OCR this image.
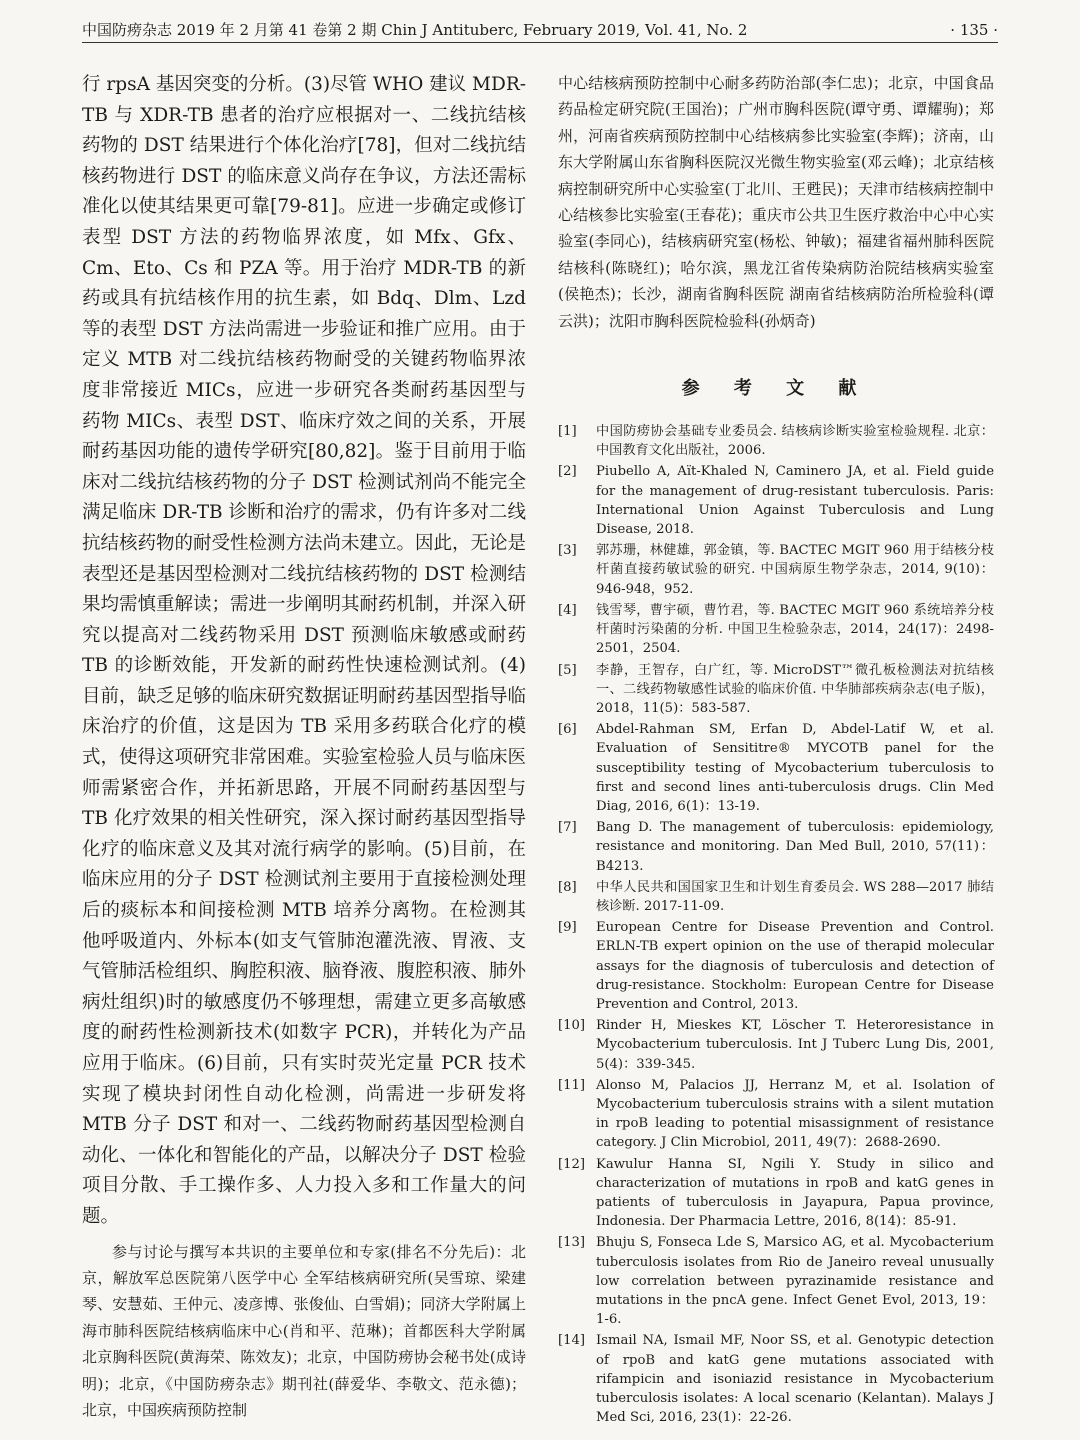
中国防痨杂志 2019 年 2 月第 41 卷第 2 期 Chin J Antituberc, February 2019, Vol. 41, No. 2	· 135 ·

行 rpsA 基因突变的分析。(3)尽管 WHO 建议 MDR-TB 与 XDR-TB 患者的治疗应根据对一、二线抗结核药物的 DST 结果进行个体化治疗[78]，但对二线抗结核药物进行 DST 的临床意义尚存在争议，方法还需标准化以使其结果更可靠[79-81]。应进一步确定或修订表型 DST 方法的药物临界浓度，如 Mfx、Gfx、Cm、Eto、Cs 和 PZA 等。用于治疗 MDR-TB 的新药或具有抗结核作用的抗生素，如 Bdq、Dlm、Lzd 等的表型 DST 方法尚需进一步验证和推广应用。由于定义 MTB 对二线抗结核药物耐受的关键药物临界浓度非常接近 MICs，应进一步研究各类耐药基因型与药物 MICs、表型 DST、临床疗效之间的关系，开展耐药基因功能的遗传学研究[80,82]。鉴于目前用于临床对二线抗结核药物的分子 DST 检测试剂尚不能完全满足临床 DR-TB 诊断和治疗的需求，仍有许多对二线抗结核药物的耐受性检测方法尚未建立。因此，无论是表型还是基因型检测对二线抗结核药物的 DST 检测结果均需慎重解读；需进一步阐明其耐药机制，并深入研究以提高对二线药物采用 DST 预测临床敏感或耐药 TB 的诊断效能，开发新的耐药性快速检测试剂。(4)目前，缺乏足够的临床研究数据证明耐药基因型指导临床治疗的价值，这是因为 TB 采用多药联合化疗的模式，使得这项研究非常困难。实验室检验人员与临床医师需紧密合作，并拓新思路，开展不同耐药基因型与 TB 化疗效果的相关性研究，深入探讨耐药基因型指导化疗的临床意义及其对流行病学的影响。(5)目前，在临床应用的分子 DST 检测试剂主要用于直接检测处理后的痰标本和间接检测 MTB 培养分离物。在检测其他呼吸道内、外标本(如支气管肺泡灌洗液、胃液、支气管肺活检组织、胸腔积液、脑脊液、腹腔积液、肺外病灶组织)时的敏感度仍不够理想，需建立更多高敏感度的耐药性检测新技术(如数字 PCR)，并转化为产品应用于临床。(6)目前，只有实时荧光定量 PCR 技术实现了模块封闭性自动化检测，尚需进一步研发将 MTB 分子 DST 和对一、二线药物耐药基因型检测自动化、一体化和智能化的产品，以解决分子 DST 检验项目分散、手工操作多、人力投入多和工作量大的问题。

参与讨论与撰写本共识的主要单位和专家(排名不分先后)：北京，解放军总医院第八医学中心 全军结核病研究所(吴雪琼、梁建琴、安慧茹、王仲元、凌彦博、张俊仙、白雪娟)；同济大学附属上海市肺科医院结核病临床中心(肖和平、范琳)；首都医科大学附属北京胸科医院(黄海荣、陈效友)；北京，中国防痨协会秘书处(成诗明)；北京，《中国防痨杂志》期刊社(薛爱华、李敬文、范永德)；北京，中国疾病预防控制

中心结核病预防控制中心耐多药防治部(李仁忠)；北京，中国食品药品检定研究院(王国治)；广州市胸科医院(谭守勇、谭耀驹)；郑州，河南省疾病预防控制中心结核病参比实验室(李辉)；济南，山东大学附属山东省胸科医院汉光微生物实验室(邓云峰)；北京结核病控制研究所中心实验室(丁北川、王甦民)；天津市结核病控制中心结核参比实验室(王春花)；重庆市公共卫生医疗救治中心中心实验室(李同心)，结核病研究室(杨松、钟敏)；福建省福州肺科医院结核科(陈晓红)；哈尔滨，黑龙江省传染病防治院结核病实验室(侯艳杰)；长沙，湖南省胸科医院 湖南省结核病防治所检验科(谭云洪)；沈阳市胸科医院检验科(孙炳奇)

参 考 文 献
[1]	中国防痨协会基础专业委员会. 结核病诊断实验室检验规程. 北京：中国教育文化出版社，2006.
[2]	Piubello A, Aït-Khaled N, Caminero JA, et al. Field guide for the management of drug-resistant tuberculosis. Paris: International Union Against Tuberculosis and Lung Disease, 2018.
[3]	郭苏珊，林健雄，郭金镇，等. BACTEC MGIT 960 用于结核分枝杆菌直接药敏试验的研究. 中国病原生物学杂志，2014, 9(10)：946-948，952.
[4]	钱雪琴，曹宇硕，曹竹君，等. BACTEC MGIT 960 系统培养分枝杆菌时污染菌的分析. 中国卫生检验杂志，2014，24(17)：2498-2501，2504.
[5]	李静，王智存，白广红，等. MicroDST™微孔板检测法对抗结核一、二线药物敏感性试验的临床价值. 中华肺部疾病杂志(电子版)，2018，11(5)：583-587.
[6]	Abdel-Rahman SM, Erfan D, Abdel-Latif W, et al. Evaluation of Sensititre® MYCOTB panel for the susceptibility testing of Mycobacterium tuberculosis to first and second lines anti-tuberculosis drugs. Clin Med Diag, 2016, 6(1)：13-19.
[7]	Bang D. The management of tuberculosis: epidemiology, resistance and monitoring. Dan Med Bull, 2010, 57(11)：B4213.
[8]	中华人民共和国国家卫生和计划生育委员会. WS 288—2017 肺结核诊断. 2017-11-09.
[9]	European Centre for Disease Prevention and Control. ERLN-TB expert opinion on the use of therapid molecular assays for the diagnosis of tuberculosis and detection of drug-resistance. Stockholm: European Centre for Disease Prevention and Control, 2013.
[10] Rinder H, Mieskes KT, Löscher T. Heteroresistance in Mycobacterium tuberculosis. Int J Tuberc Lung Dis, 2001, 5(4)：339-345.
[11] Alonso M, Palacios JJ, Herranz M, et al. Isolation of Mycobacterium tuberculosis strains with a silent mutation in rpoB leading to potential misassignment of resistance category. J Clin Microbiol, 2011, 49(7)：2688-2690.
[12] Kawulur Hanna SI, Ngili Y. Study in silico and characterization of mutations in rpoB and katG genes in patients of tuberculosis in Jayapura, Papua province, Indonesia. Der Pharmacia Lettre, 2016, 8(14)：85-91.
[13] Bhuju S, Fonseca Lde S, Marsico AG, et al. Mycobacterium tuberculosis isolates from Rio de Janeiro reveal unusually low correlation between pyrazinamide resistance and mutations in the pncA gene. Infect Genet Evol, 2013, 19：1-6.
[14] Ismail NA, Ismail MF, Noor SS, et al. Genotypic detection of rpoB and katG gene mutations associated with rifampicin and isoniazid resistance in Mycobacterium tuberculosis isolates: A local scenario (Kelantan). Malays J Med Sci, 2016, 23(1)：22-26.
